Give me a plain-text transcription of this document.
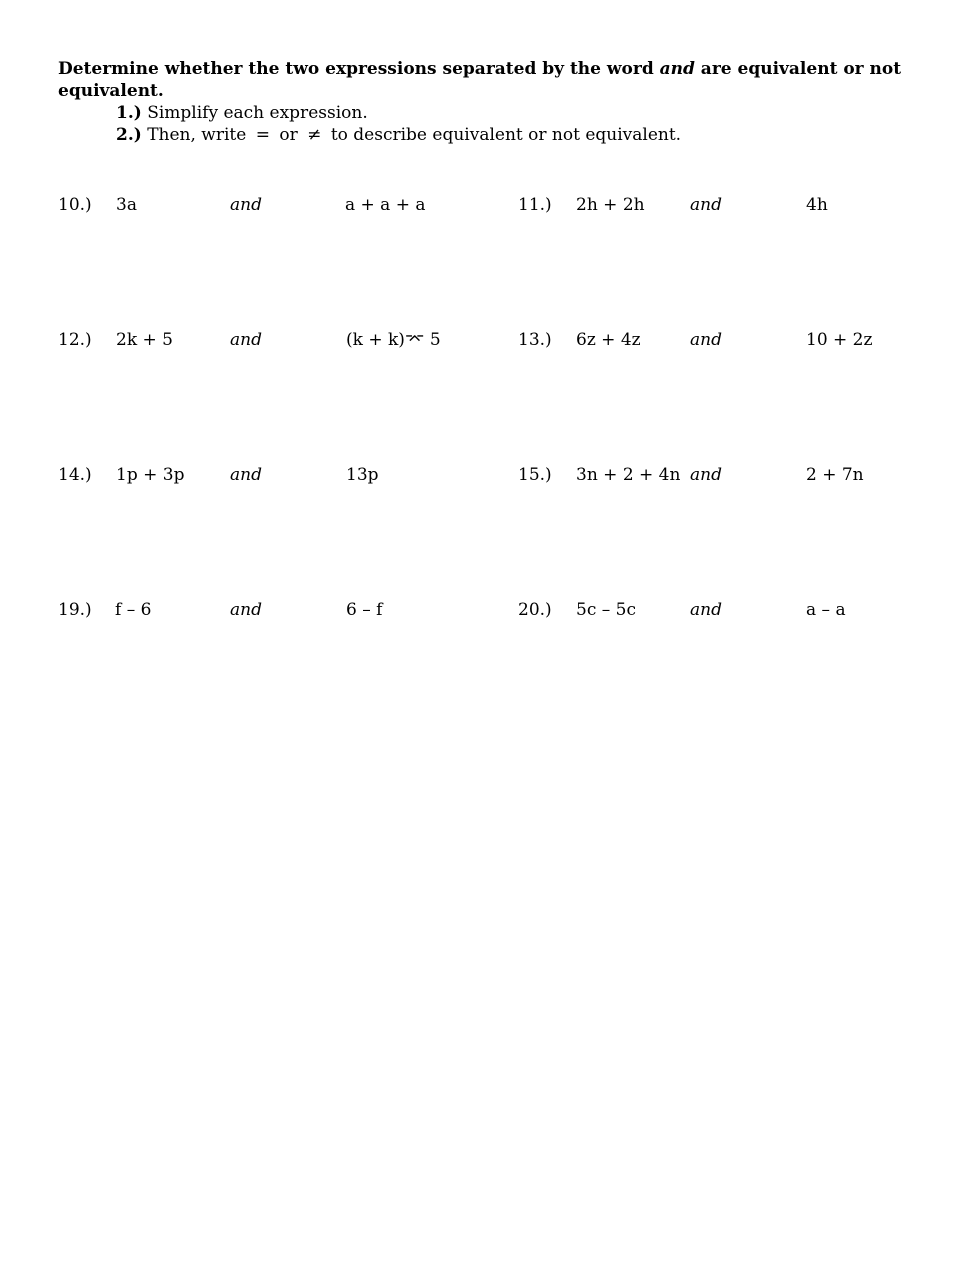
Determine whether the two expressions separated by the word and are equivalent or not equivalent.
1.) Simplify each expression.
2.) Then, write = or ≠ to describe equivalent or not equivalent.
10.) 3a	and	a + a + a	11.) 2h + 2h	and	4h
12.) 2k + 5	and	(k + k)⌤ 5	13.) 6z + 4z	and	10 + 2z
14.) 1p + 3p	and	13p	15.) 3n + 2 + 4n and	2 + 7n
19.) f – 6	and	6 – f	20.) 5c – 5c	and	a – a
